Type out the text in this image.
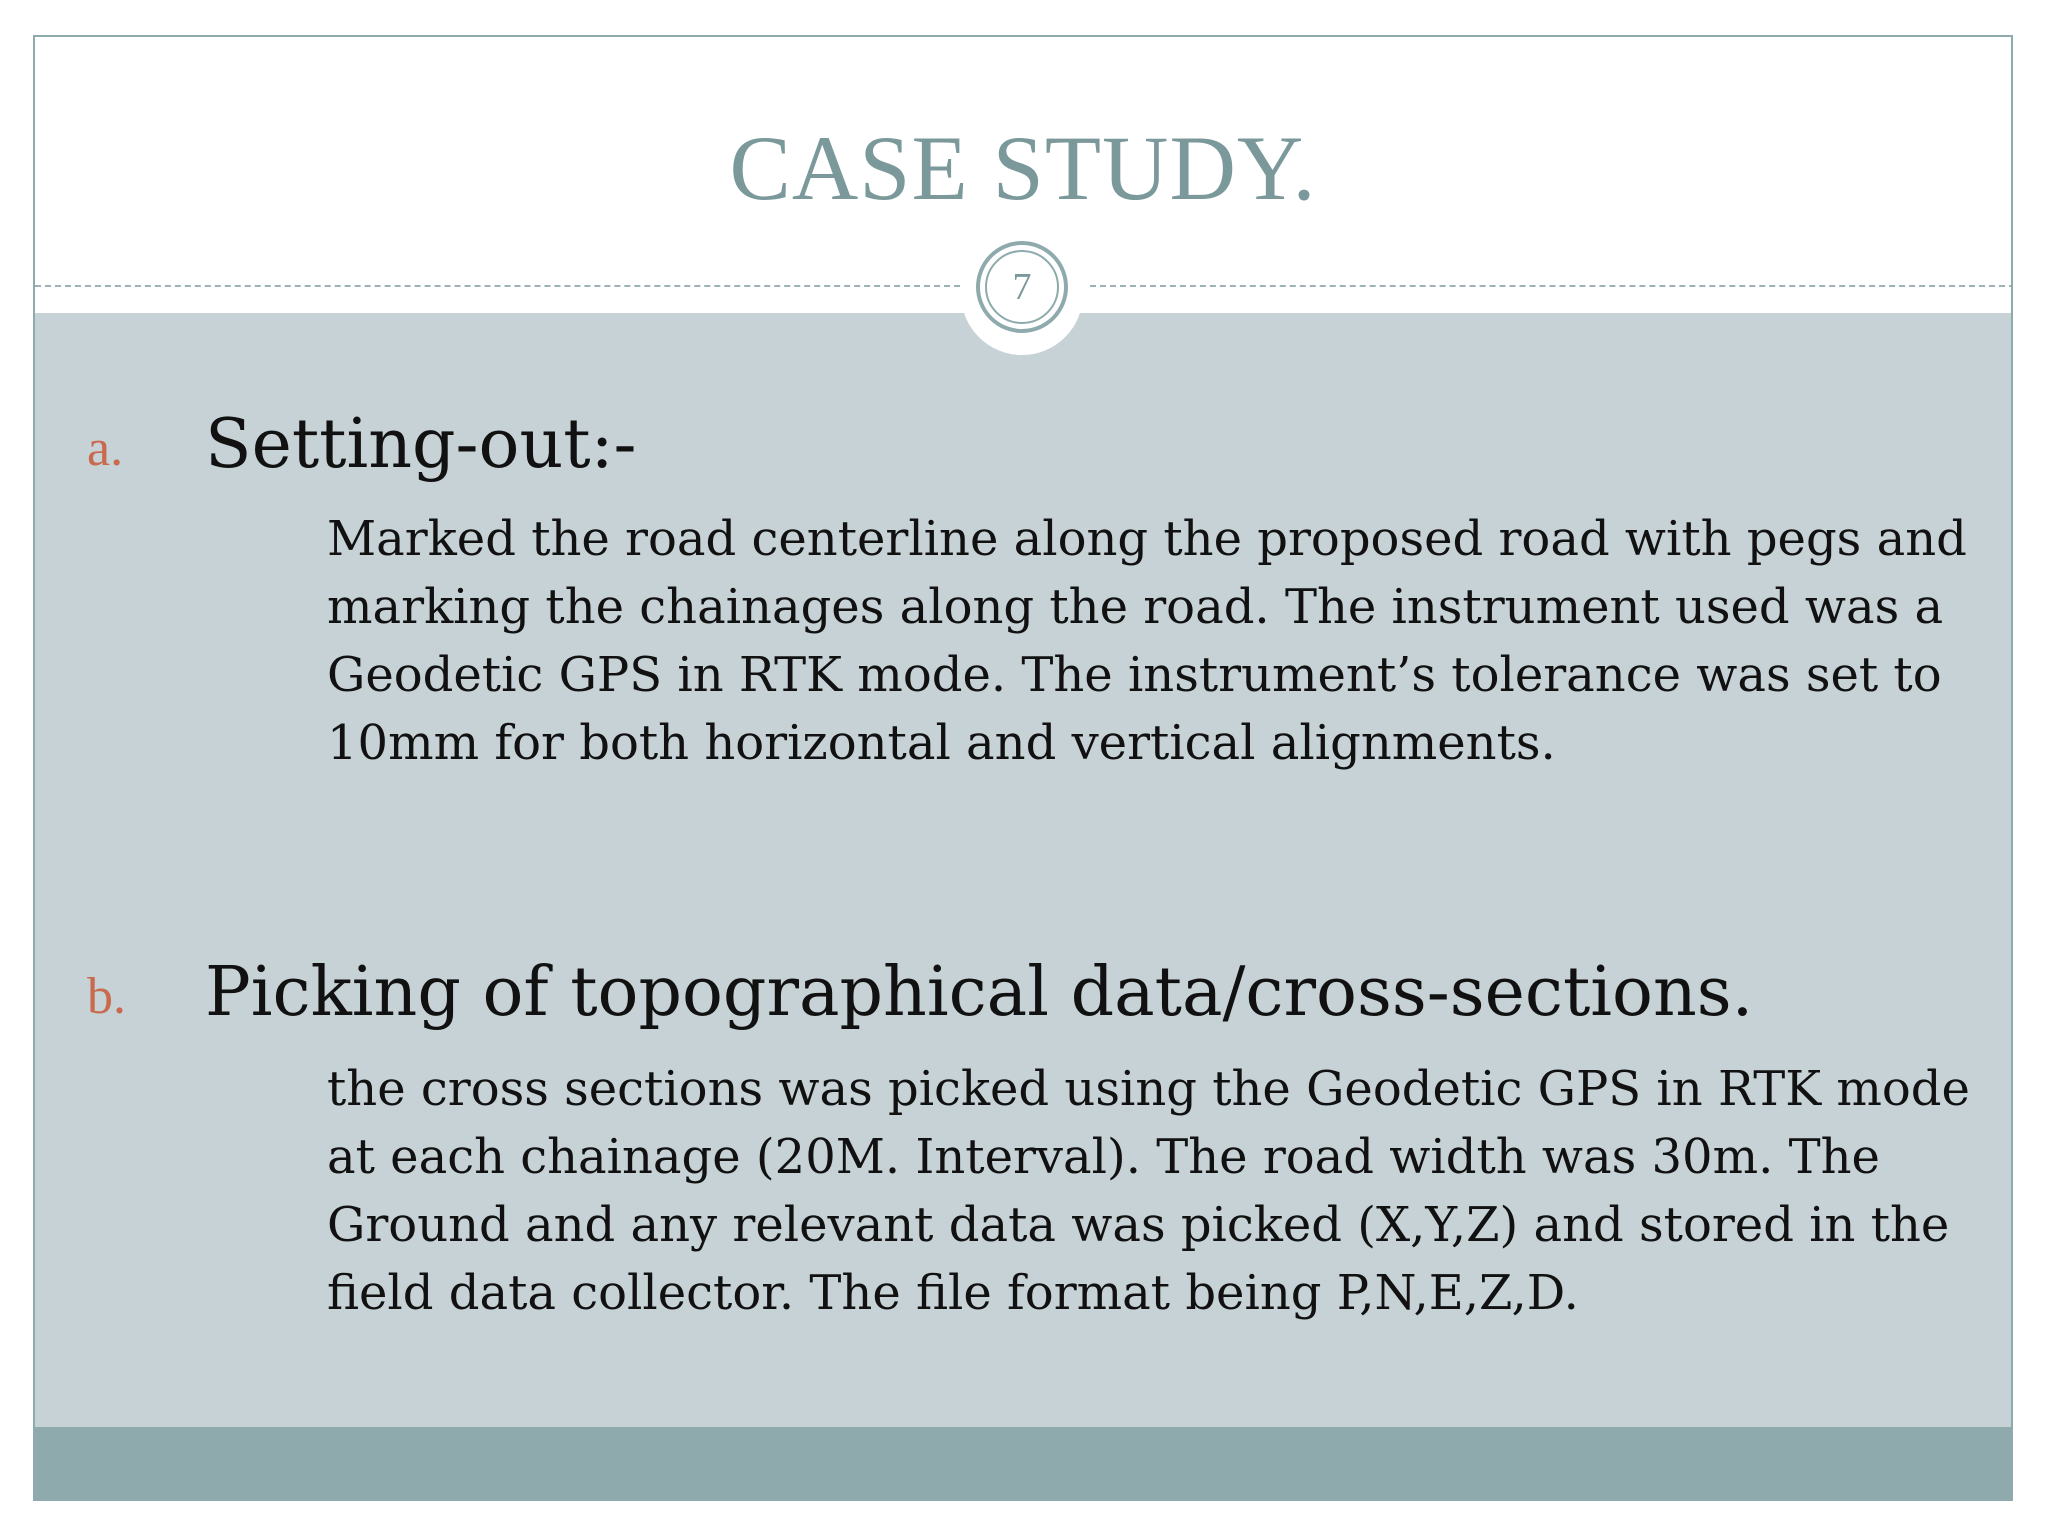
CASE STUDY.
a. Setting-out:-

Marked the road centerline along the proposed road with pegs and marking the chainages along the road. The instrument used was a Geodetic GPS in RTK mode. The instrument’s tolerance was set to 10mm for both horizontal and vertical alignments.

b. Picking of topographical data/cross-sections.

the cross sections was picked using the Geodetic GPS in RTK mode at each chainage (20M. Interval). The road width was 30m. The Ground and any relevant data was picked (X,Y,Z) and stored in the field data collector. The file format being P,N,E,Z,D.

7
